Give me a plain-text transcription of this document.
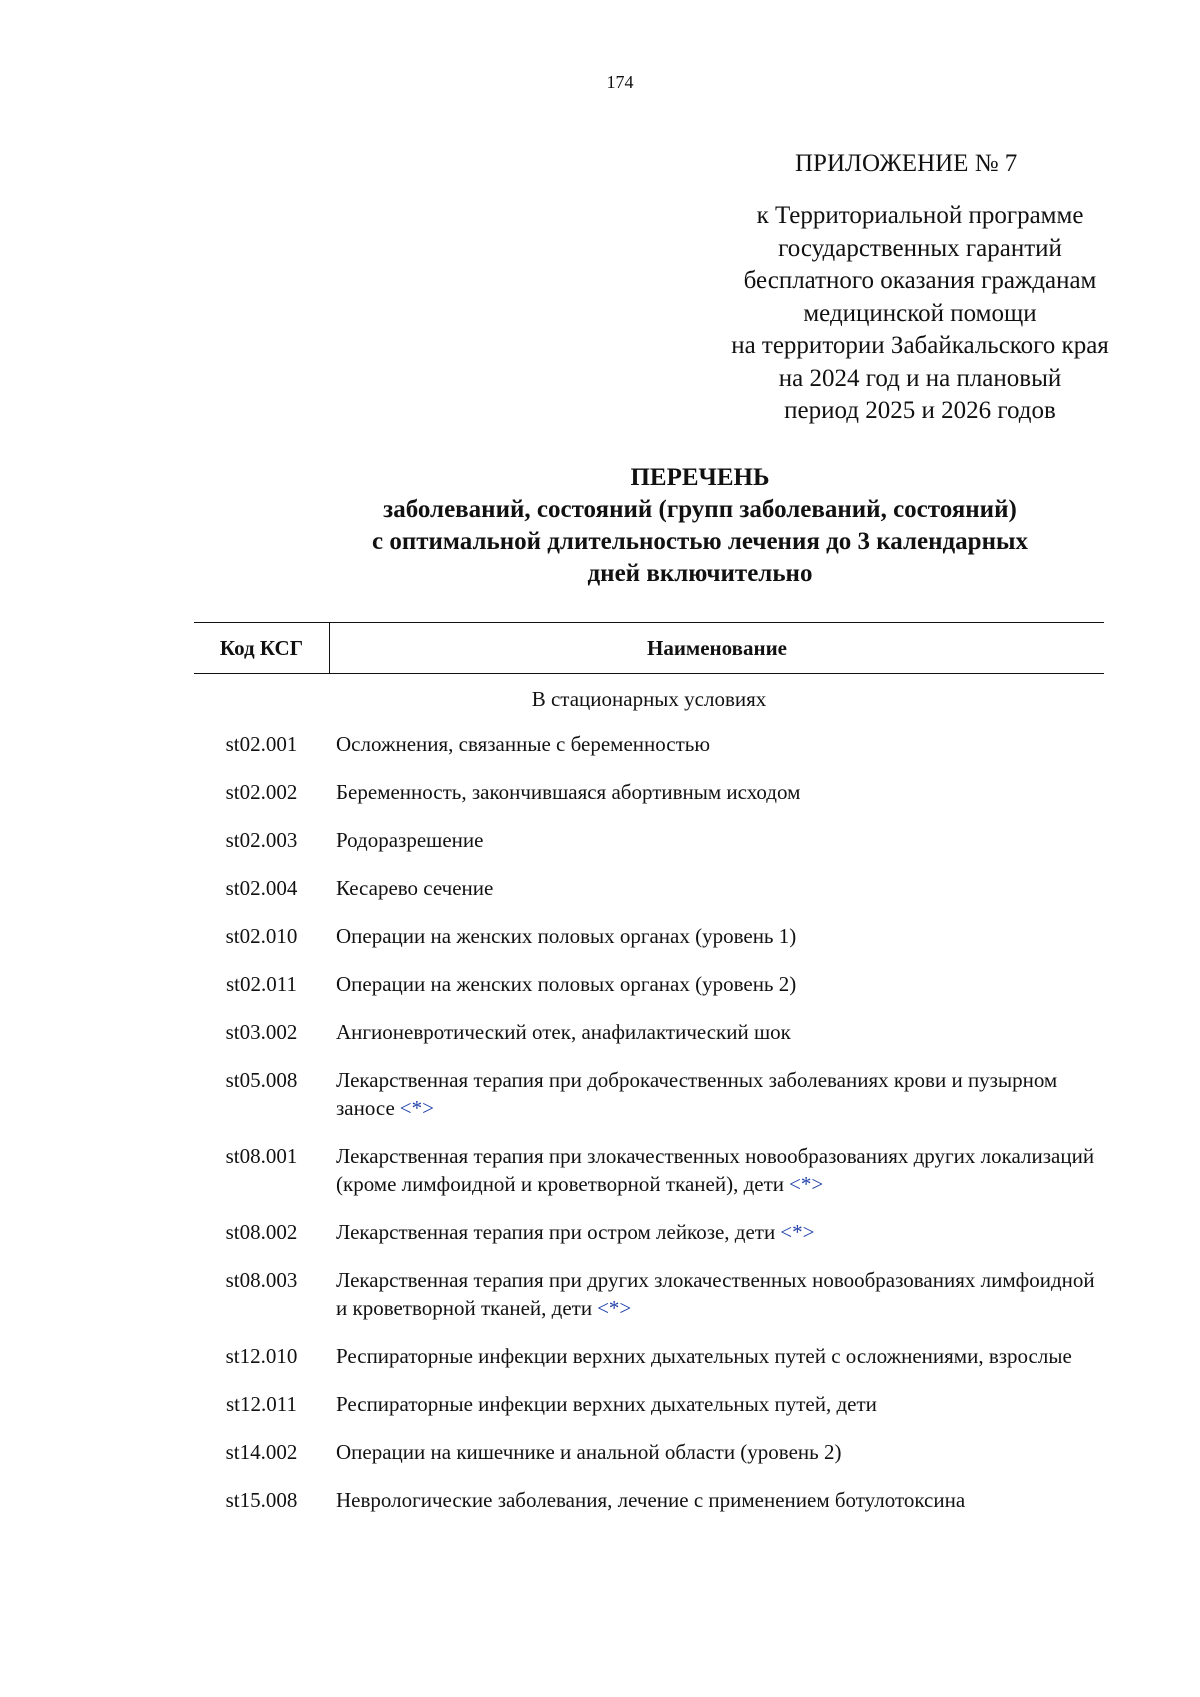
174
ПРИЛОЖЕНИЕ № 7
к Территориальной программе
государственных гарантий
бесплатного оказания гражданам
медицинской помощи
на территории Забайкальского края
на 2024 год и на плановый
период 2025 и 2026 годов
ПЕРЕЧЕНЬ
заболеваний, состояний (групп заболеваний, состояний)
с оптимальной длительностью лечения до 3 календарных
дней включительно
Код КСГ	Наименование
В стационарных условиях
st02.001	Осложнения, связанные с беременностью
st02.002	Беременность, закончившаяся абортивным исходом
st02.003	Родоразрешение
st02.004	Кесарево сечение
st02.010	Операции на женских половых органах (уровень 1)
st02.011	Операции на женских половых органах (уровень 2)
st03.002	Ангионевротический отек, анафилактический шок
st05.008	Лекарственная терапия при доброкачественных заболеваниях крови и пузырном заносе <*>
st08.001	Лекарственная терапия при злокачественных новообразованиях других локализаций (кроме лимфоидной и кроветворной тканей), дети <*>
st08.002	Лекарственная терапия при остром лейкозе, дети <*>
st08.003	Лекарственная терапия при других злокачественных новообразованиях лимфоидной и кроветворной тканей, дети <*>
st12.010	Респираторные инфекции верхних дыхательных путей с осложнениями, взрослые
st12.011	Респираторные инфекции верхних дыхательных путей, дети
st14.002	Операции на кишечнике и анальной области (уровень 2)
st15.008	Неврологические заболевания, лечение с применением ботулотоксина
